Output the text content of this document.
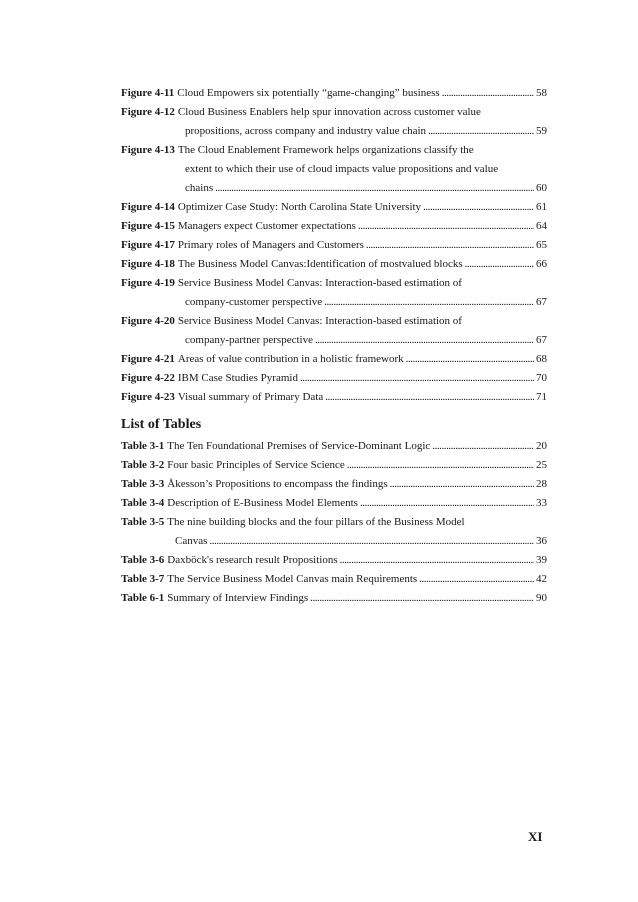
Figure 4-11 Cloud Empowers six potentially “game-changing” business . . .	58
Figure 4-12 Cloud Business Enablers help spur innovation across customer value
propositions, across company and industry value chain . . .	59
Figure 4-13 The Cloud Enablement Framework helps organizations classify the
extent to which their use of cloud impacts value propositions and value
chains . . .	60
Figure 4-14 Optimizer Case Study: North Carolina State University . . .	61
Figure 4-15 Managers expect Customer expectations . . .	64
Figure 4-17 Primary roles of Managers and Customers . . .	65
Figure 4-18 The Business Model Canvas:Identification of mostvalued blocks . . .	66
Figure 4-19 Service Business Model Canvas: Interaction-based estimation of
company-customer perspective . . .	67
Figure 4-20 Service Business Model Canvas: Interaction-based estimation of
company-partner perspective . . .	67
Figure 4-21 Areas of value contribution in a holistic framework . . .	68
Figure 4-22 IBM Case Studies Pyramid . . .	70
Figure 4-23 Visual summary of Primary Data . . .	71
List of Tables
Table 3-1 The Ten Foundational Premises of Service-Dominant Logic . . .	20
Table 3-2 Four basic Principles of Service Science . . .	25
Table 3-3 Åkesson’s Propositions to encompass the findings . . .	28
Table 3-4 Description of E-Business Model Elements . . .	33
Table 3-5 The nine building blocks and the four pillars of the Business Model
Canvas . . .	36
Table 3-6 Daxböck's research result Propositions . . .	39
Table 3-7 The Service Business Model Canvas main Requirements . . .	42
Table 6-1 Summary of Interview Findings . . .	90
XI
